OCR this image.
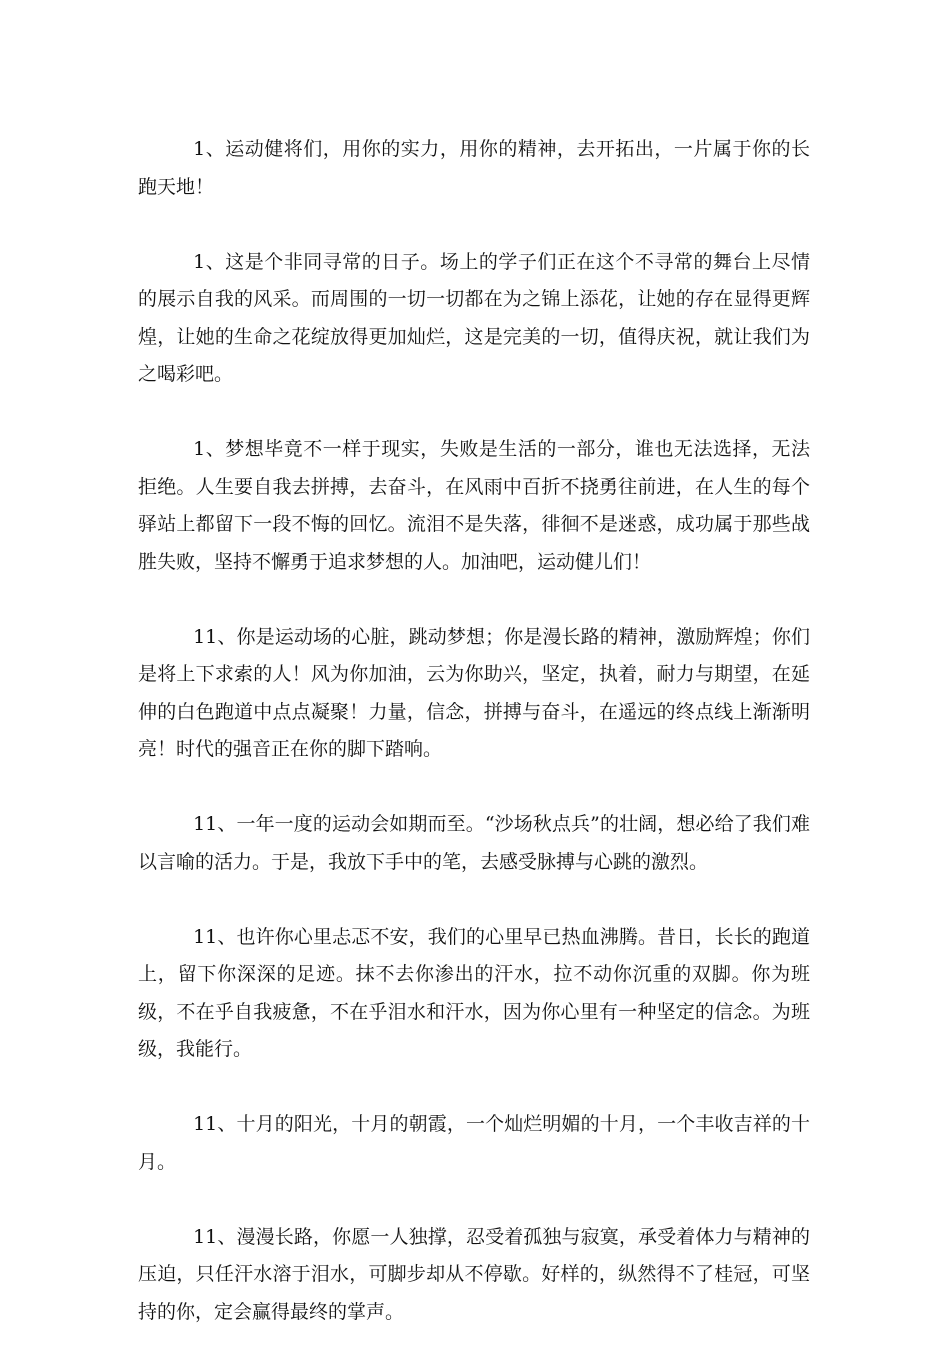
1、运动健将们，用你的实力，用你的精神，去开拓出，一片属于你的长跑天地！

1、这是个非同寻常的日子。场上的学子们正在这个不寻常的舞台上尽情的展示自我的风采。而周围的一切一切都在为之锦上添花，让她的存在显得更辉煌，让她的生命之花绽放得更加灿烂，这是完美的一切，值得庆祝，就让我们为之喝彩吧。

1、梦想毕竟不一样于现实，失败是生活的一部分，谁也无法选择，无法拒绝。人生要自我去拼搏，去奋斗，在风雨中百折不挠勇往前进，在人生的每个驿站上都留下一段不悔的回忆。流泪不是失落，徘徊不是迷惑，成功属于那些战胜失败，坚持不懈勇于追求梦想的人。加油吧，运动健儿们！

11、你是运动场的心脏，跳动梦想；你是漫长路的精神，激励辉煌；你们是将上下求索的人！风为你加油，云为你助兴，坚定，执着，耐力与期望，在延伸的白色跑道中点点凝聚！力量，信念，拼搏与奋斗，在遥远的终点线上渐渐明亮！时代的强音正在你的脚下踏响。

11、一年一度的运动会如期而至。“沙场秋点兵”的壮阔，想必给了我们难以言喻的活力。于是，我放下手中的笔，去感受脉搏与心跳的激烈。

11、也许你心里忐忑不安，我们的心里早已热血沸腾。昔日，长长的跑道上，留下你深深的足迹。抹不去你渗出的汗水，拉不动你沉重的双脚。你为班级，不在乎自我疲惫，不在乎泪水和汗水，因为你心里有一种坚定的信念。为班级，我能行。

11、十月的阳光，十月的朝霞，一个灿烂明媚的十月，一个丰收吉祥的十月。

11、漫漫长路，你愿一人独撑，忍受着孤独与寂寞，承受着体力与精神的压迫，只任汗水溶于泪水，可脚步却从不停歇。好样的，纵然得不了桂冠，可坚持的你，定会赢得最终的掌声。
